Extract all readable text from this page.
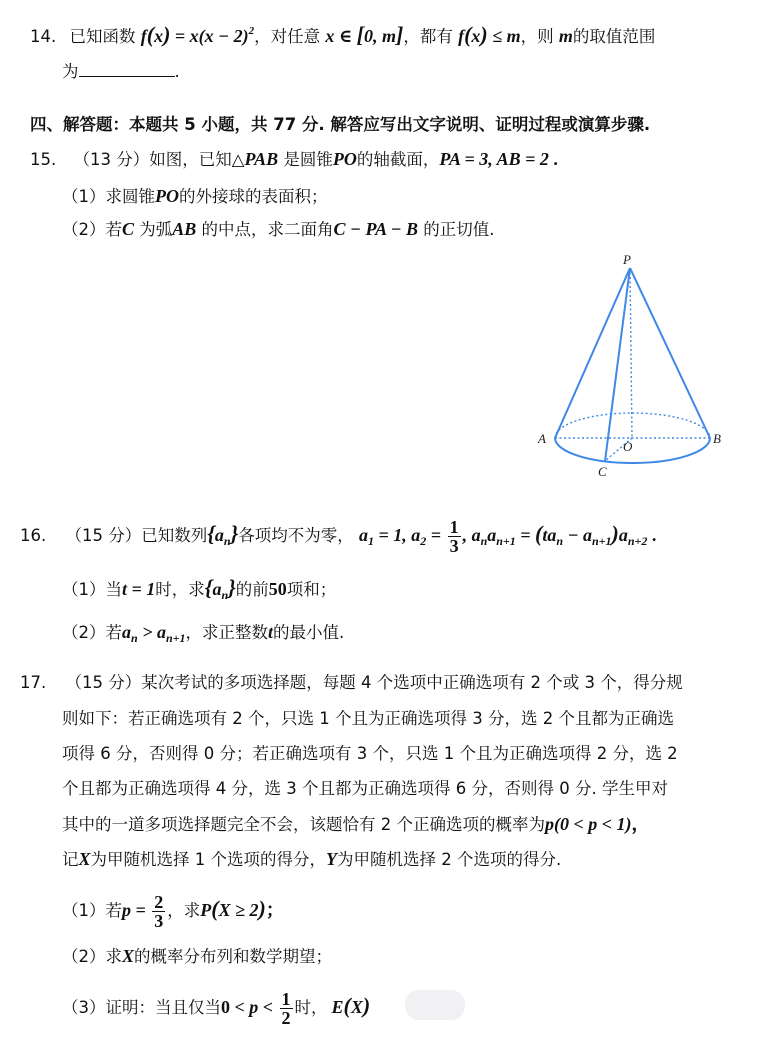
14. 已知函数 $f(x) = x(x - 2)^2$，对任意 x ∈ [0, m]，都有 f(x) ≤ m，则 m的取值范围
为	.
四、解答题：本题共 5 小题，共 77 分. 解答应写出文字说明、证明过程或演算步骤.
15. （13 分）如图，已知△PAB 是圆锥PO的轴截面，PA = 3, AB = 2 .
（1）求圆锥PO的外接球的表面积；
（2）若C 为弧AB 的中点，求二面角C − PA − B 的正切值.
P
A	B
O
C
16. （15 分）已知数列$\{a_n\}$各项均不为零， $a_1 = 1$, $a_2 = \frac{1}{3}$ , $a_na_{n+1} = (ta_n - a_{n+1})a_{n+2}$ .
（1）当t = 1时，求$\{a_n\}$的前50项和；
（2）若$a_n > a_{n+1}$，求正整数t的最小值.
17. （15 分）某次考试的多项选择题，每题 4 个选项中正确选项有 2 个或 3 个，得分规
则如下：若正确选项有 2 个，只选 1 个且为正确选项得 3 分，选 2 个且都为正确选
项得 6 分，否则得 0 分；若正确选项有 3 个，只选 1 个且为正确选项得 2 分，选 2
个且都为正确选项得 4 分，选 3 个且都为正确选项得 6 分，否则得 0 分. 学生甲对
其中的一道多项选择题完全不会，该题恰有 2 个正确选项的概率为p(0 < p < 1)，
记X为甲随机选择 1 个选项的得分，Y为甲随机选择 2 个选项的得分.
（1）若$p = \frac{2}{3}$ ，求P(X ≥ 2)；
（2）求X的概率分布列和数学期望；
（3）证明：当且仅当$0 < p < \frac{1}{2}$ 时， E(X)
